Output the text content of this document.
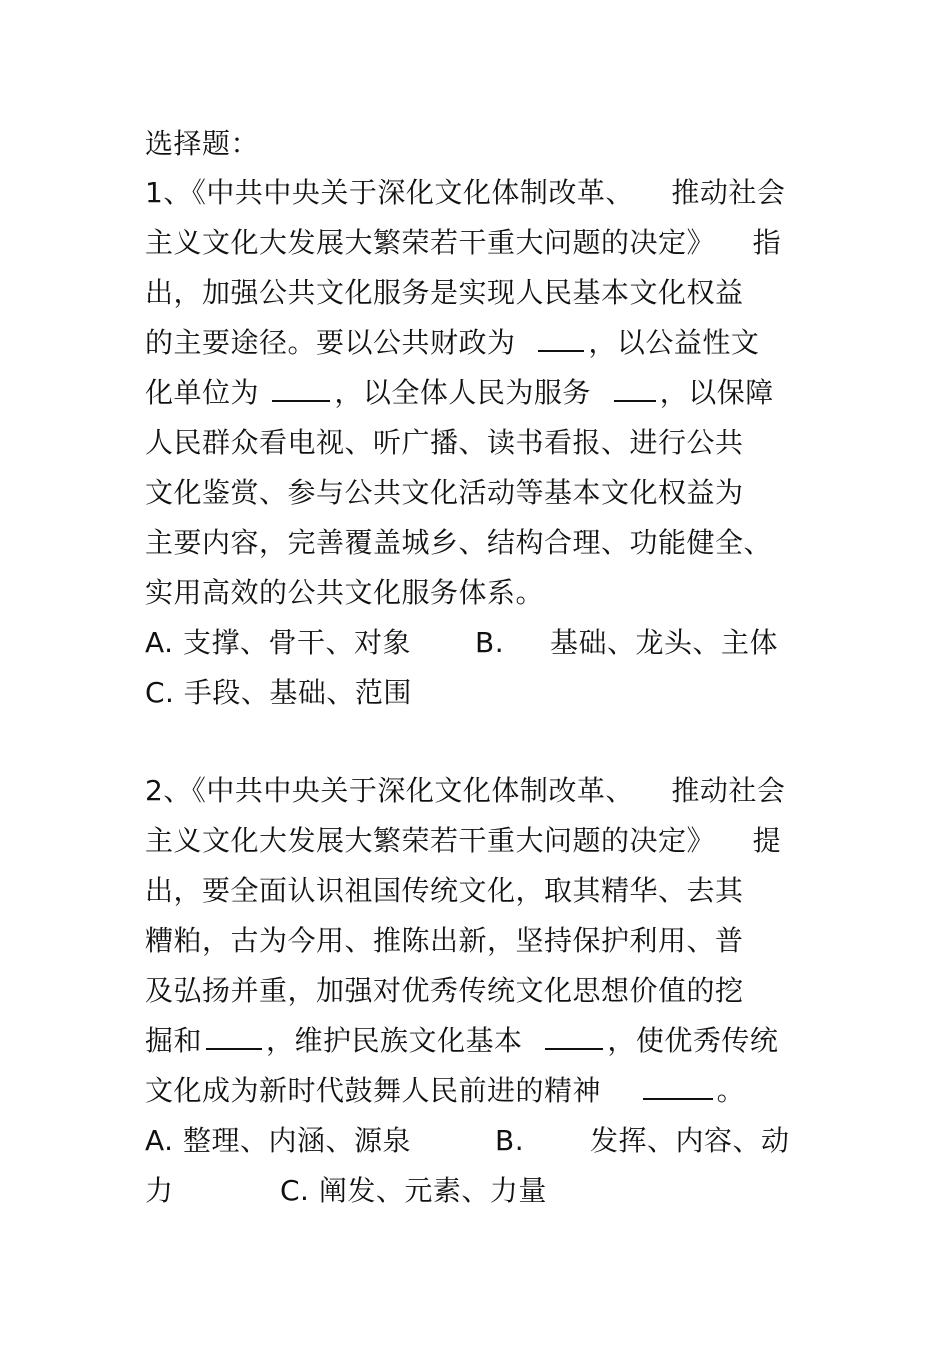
选择题：
1、《中共中央关于深化文化体制改革、    推动社会
主义文化大发展大繁荣若干重大问题的决定》    指
出，加强公共文化服务是实现人民基本文化权益
的主要途径。要以公共财政为  ，以公益性文
化单位为 ，以全体人民为服务  ，以保障
人民群众看电视、听广播、读书看报、进行公共
文化鉴赏、参与公共文化活动等基本文化权益为
主要内容，完善覆盖城乡、结构合理、功能健全、
实用高效的公共文化服务体系。
A. 支撑、骨干、对象 B. 基础、龙头、主体
C. 手段、基础、范围
2、《中共中央关于深化文化体制改革、    推动社会
主义文化大发展大繁荣若干重大问题的决定》    提
出，要全面认识祖国传统文化，取其精华、去其
糟粕，古为今用、推陈出新，坚持保护利用、普
及弘扬并重，加强对优秀传统文化思想价值的挖
掘和 ，维护民族文化基本  ，使优秀传统
文化成为新时代鼓舞人民前进的精神	。
A. 整理、内涵、源泉	B. 发挥、内容、动
力	C. 阐发、元素、力量
